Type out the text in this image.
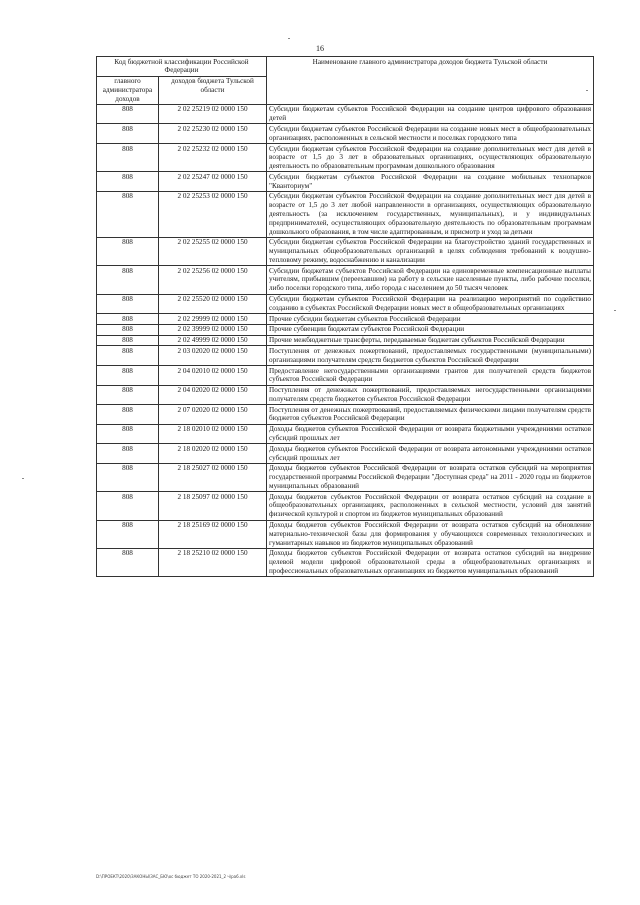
16
Код бюджетной классификации Российской Федерации		Наименование главного администратора доходов бюджета Тульской области
главного администратора доходов	доходов бюджета Тульской области	
808	2 02 25219 02 0000 150	Субсидии бюджетам субъектов Российской Федерации на создание центров цифрового образования детей
808	2 02 25230 02 0000 150	Субсидии бюджетам субъектов Российской Федерации на создание новых мест в общеобразовательных организациях, расположенных в сельской местности и поселках городского типа
808	2 02 25232 02 0000 150	Субсидии бюджетам субъектов Российской Федерации на создание дополнительных мест для детей в возрасте от 1,5 до 3 лет в образовательных организациях, осуществляющих образовательную деятельность по образовательным программам дошкольного образования
808	2 02 25247 02 0000 150	Субсидии бюджетам субъектов Российской Федерации на создание мобильных технопарков "Кванториум"
808	2 02 25253 02 0000 150	Субсидии бюджетам субъектов Российской Федерации на создание дополнительных мест для детей в возрасте от 1,5 до 3 лет любой направленности в организациях, осуществляющих образовательную деятельность (за исключением государственных, муниципальных), и у индивидуальных предпринимателей, осуществляющих образовательную деятельность по образовательным программам дошкольного образования, в том числе адаптированным, и присмотр и уход за детьми
808	2 02 25255 02 0000 150	Субсидии бюджетам субъектов Российской Федерации на благоустройство зданий государственных и муниципальных общеобразовательных организаций в целях соблюдения требований к воздушно-тепловому режиму, водоснабжению и канализации
808	2 02 25256 02 0000 150	Субсидии бюджетам субъектов Российской Федерации на единовременные компенсационные выплаты учителям, прибывшим (переехавшим) на работу в сельские населенные пункты, либо рабочие поселки, либо поселки городского типа, либо города с населением до 50 тысяч человек
808	2 02 25520 02 0000 150	Субсидии бюджетам субъектов Российской Федерации на реализацию мероприятий по содействию созданию в субъектах Российской Федерации новых мест в общеобразовательных организациях
808	2 02 29999 02 0000 150	Прочие субсидии бюджетам субъектов Российской Федерации
808	2 02 39999 02 0000 150	Прочие субвенции бюджетам субъектов Российской Федерации
808	2 02 49999 02 0000 150	Прочие межбюджетные трансферты, передаваемые бюджетам субъектов Российской Федерации
808	2 03 02020 02 0000 150	Поступления от денежных пожертвований, предоставляемых государственными (муниципальными) организациями получателям средств бюджетов субъектов Российской Федерации
808	2 04 02010 02 0000 150	Предоставление негосударственными организациями грантов для получателей средств бюджетов субъектов Российской Федерации
808	2 04 02020 02 0000 150	Поступления от денежных пожертвований, предоставляемых негосударственными организациями получателям средств бюджетов субъектов Российской Федерации
808	2 07 02020 02 0000 150	Поступления от денежных пожертвований, предоставляемых физическими лицами получателям средств бюджетов субъектов Российской Федерации
808	2 18 02010 02 0000 150	Доходы бюджетов субъектов Российской Федерации от возврата бюджетными учреждениями остатков субсидий прошлых лет
808	2 18 02020 02 0000 150	Доходы бюджетов субъектов Российской Федерации от возврата автономными учреждениями остатков субсидий прошлых лет
808	2 18 25027 02 0000 150	Доходы бюджетов субъектов Российской Федерации от возврата остатков субсидий на мероприятия государственной программы Российской Федерации "Доступная среда" на 2011 - 2020 годы из бюджетов муниципальных образований
808	2 18 25097 02 0000 150	Доходы бюджетов субъектов Российской Федерации от возврата остатков субсидий на создание в общеобразовательных организациях, расположенных в сельской местности, условий для занятий физической культурой и спортом из бюджетов муниципальных образований
808	2 18 25169 02 0000 150	Доходы бюджетов субъектов Российской Федерации от возврата остатков субсидий на обновление материально-технической базы для формирования у обучающихся современных технологических и гуманитарных навыков из бюджетов муниципальных образований
808	2 18 25210 02 0000 150	Доходы бюджетов субъектов Российской Федерации от возврата остатков субсидий на внедрение целевой модели цифровой образовательной среды в общеобразовательных организациях и профессиональных образовательных организациях из бюджетов муниципальных образований
D:\ПРОЕКТ\2020\ЗАКОНЫ\ЗАС_БЮ\ос бюджет ТО 2020-2021_2 ч\ра6.xls
